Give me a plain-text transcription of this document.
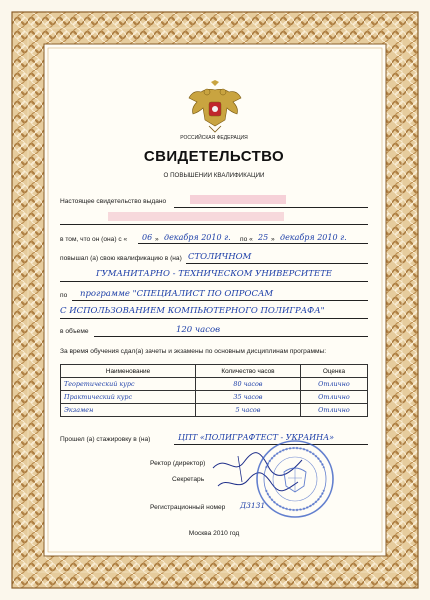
РОССИЙСКАЯ ФЕДЕРАЦИЯ
СВИДЕТЕЛЬСТВО
О ПОВЫШЕНИИ КВАЛИФИКАЦИИ
Настоящее свидетельство выдано
в том, что он (она) с « 06 » декабря 2010 г. по « 25 » декабря 2010 г.
повышал (а) свою квалификацию в (на) СТОЛИЧНОМ
ГУМАНИТАРНО - ТЕХНИЧЕСКОМ УНИВЕРСИТЕТЕ
по программе "СПЕЦИАЛИСТ ПО ОПРОСАМ
С ИСПОЛЬЗОВАНИЕМ КОМПЬЮТЕРНОГО ПОЛИГРАФА"
в объеме	120 часов
За время обучения сдал(а) зачеты и экзамены по основным дисциплинам программы:
Наименование	Количество часов	Оценка
Теоретический курс	80 часов	Отлично
Практический курс	35 часов	Отлично
Экзамен	5 часов	Отлично
Прошел (а) стажировку в (на)	ЦПТ «ПОЛИГРАФТЕСТ - УКРАИНА»
Ректор (директор)
Секретарь
Регистрационный номер Д3131
Москва 2010 год
